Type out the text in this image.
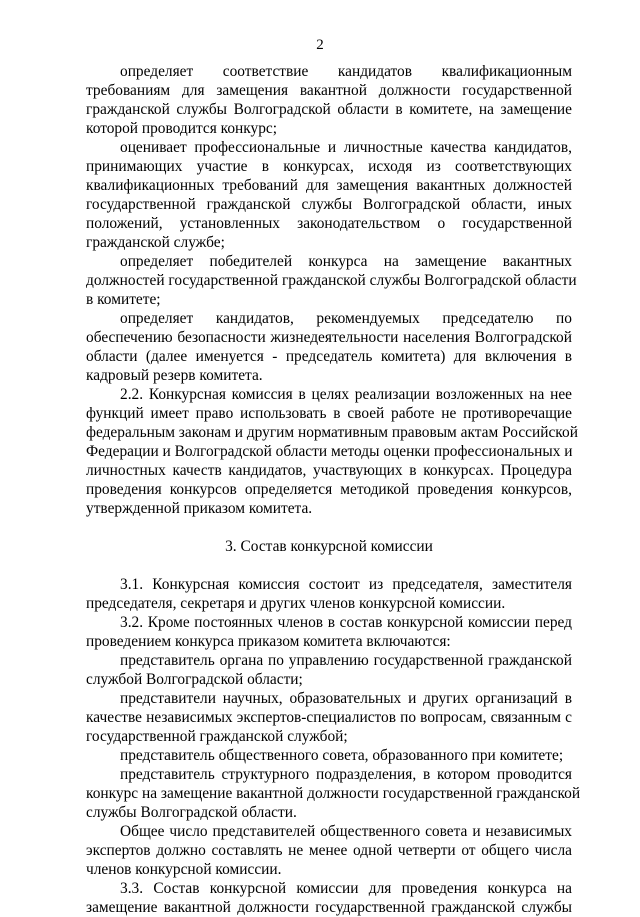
2
определяет соответствие кандидатов квалификационным
требованиям для замещения вакантной должности государственной
гражданской службы Волгоградской области в комитете, на замещение
которой проводится конкурс;
оценивает профессиональные и личностные качества кандидатов,
принимающих участие в конкурсах, исходя из соответствующих
квалификационных требований для замещения вакантных должностей
государственной гражданской службы Волгоградской области, иных
положений, установленных законодательством о государственной
гражданской службе;
определяет победителей конкурса на замещение вакантных
должностей государственной гражданской службы Волгоградской области
в комитете;
определяет кандидатов, рекомендуемых председателю по
обеспечению безопасности жизнедеятельности населения Волгоградской
области (далее именуется - председатель комитета) для включения в
кадровый резерв комитета.
2.2. Конкурсная комиссия в целях реализации возложенных на нее
функций имеет право использовать в своей работе не противоречащие
федеральным законам и другим нормативным правовым актам Российской
Федерации и Волгоградской области методы оценки профессиональных и
личностных качеств кандидатов, участвующих в конкурсах. Процедура
проведения конкурсов определяется методикой проведения конкурсов,
утвержденной приказом комитета.
3. Состав конкурсной комиссии
3.1. Конкурсная комиссия состоит из председателя, заместителя
председателя, секретаря и других членов конкурсной комиссии.
3.2. Кроме постоянных членов в состав конкурсной комиссии перед
проведением конкурса приказом комитета включаются:
представитель органа по управлению государственной гражданской
службой Волгоградской области;
представители научных, образовательных и других организаций в
качестве независимых экспертов-специалистов по вопросам, связанным с
государственной гражданской службой;
представитель общественного совета, образованного при комитете;
представитель структурного подразделения, в котором проводится
конкурс на замещение вакантной должности государственной гражданской
службы Волгоградской области.
Общее число представителей общественного совета и независимых
экспертов должно составлять не менее одной четверти от общего числа
членов конкурсной комиссии.
3.3. Состав конкурсной комиссии для проведения конкурса на
замещение вакантной должности государственной гражданской службы
